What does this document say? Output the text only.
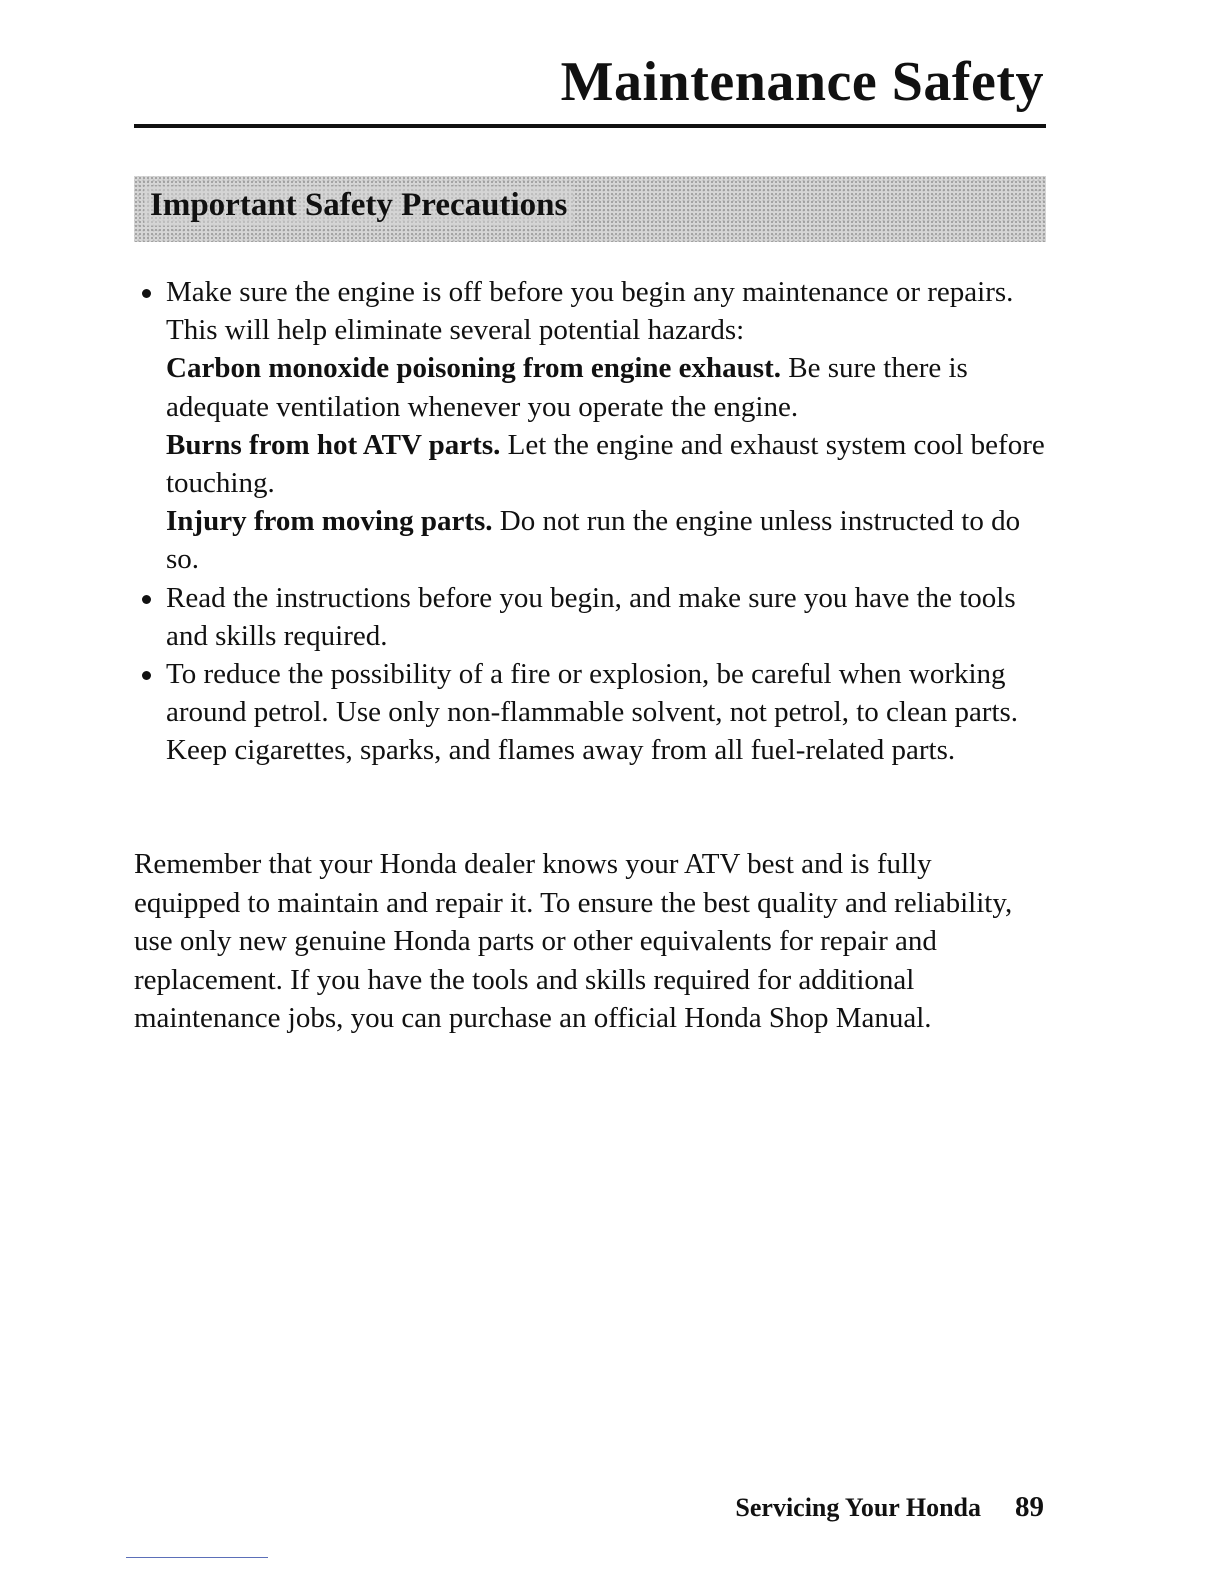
Maintenance Safety
Important Safety Precautions
Make sure the engine is off before you begin any maintenance or repairs. This will help eliminate several potential hazards:
Carbon monoxide poisoning from engine exhaust. Be sure there is adequate ventilation whenever you operate the engine.
Burns from hot ATV parts. Let the engine and exhaust system cool before touching.
Injury from moving parts. Do not run the engine unless instructed to do so.
Read the instructions before you begin, and make sure you have the tools and skills required.
To reduce the possibility of a fire or explosion, be careful when working around petrol. Use only non-flammable solvent, not petrol, to clean parts. Keep cigarettes, sparks, and flames away from all fuel-related parts.

Remember that your Honda dealer knows your ATV best and is fully equipped to maintain and repair it. To ensure the best quality and reliability, use only new genuine Honda parts or other equivalents for repair and replacement. If you have the tools and skills required for additional maintenance jobs, you can purchase an official Honda Shop Manual.

Servicing Your Honda 89
